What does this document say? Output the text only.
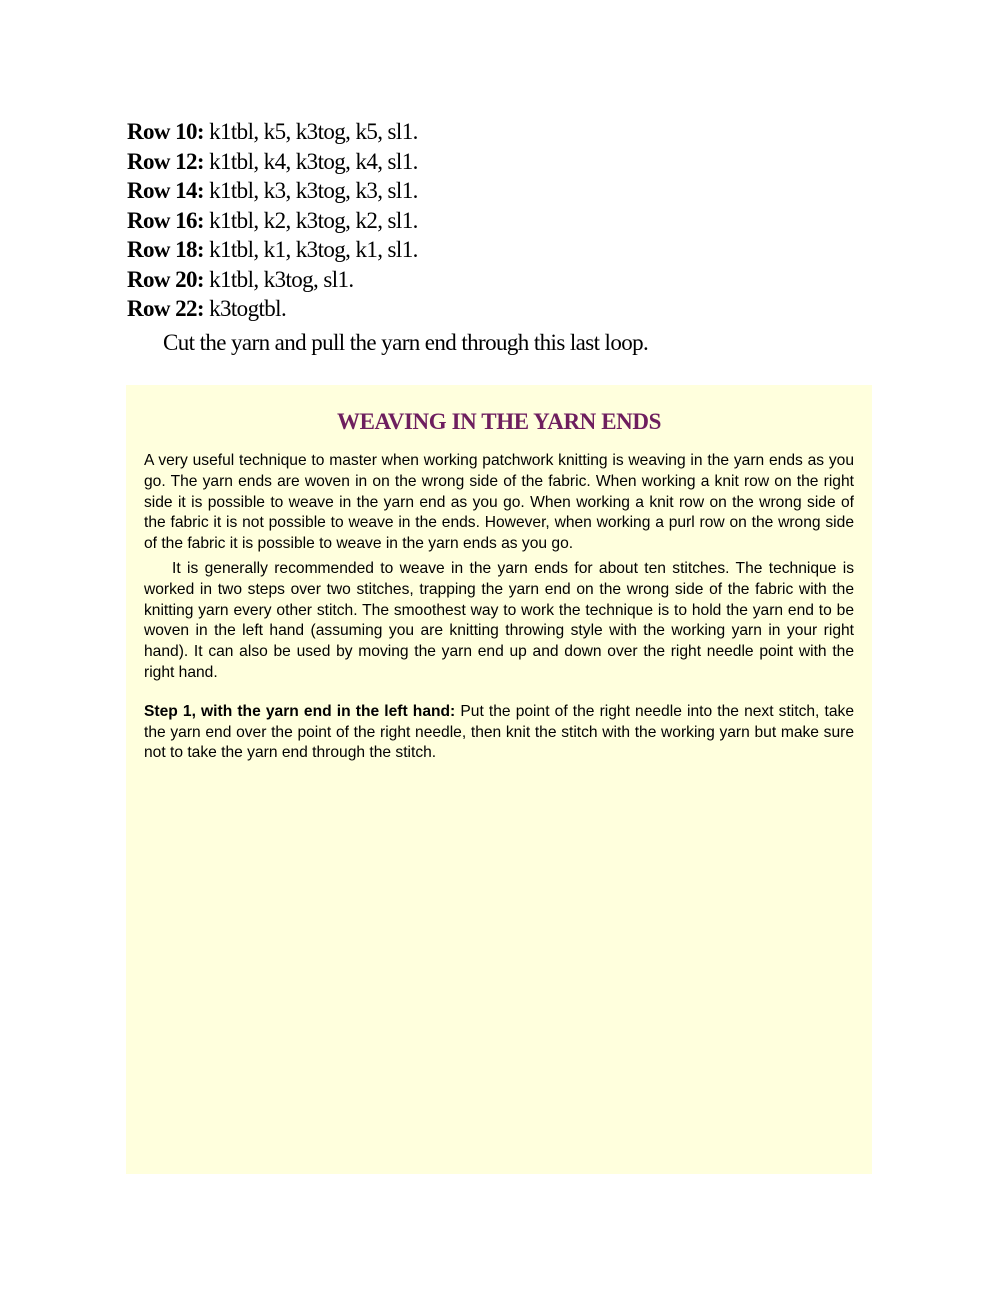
Row 10: k1tbl, k5, k3tog, k5, sl1.
Row 12: k1tbl, k4, k3tog, k4, sl1.
Row 14: k1tbl, k3, k3tog, k3, sl1.
Row 16: k1tbl, k2, k3tog, k2, sl1.
Row 18: k1tbl, k1, k3tog, k1, sl1.
Row 20: k1tbl, k3tog, sl1.
Row 22: k3togtbl.
Cut the yarn and pull the yarn end through this last loop.
WEAVING IN THE YARN ENDS

A very useful technique to master when working patchwork knitting is weaving in the yarn ends as you go. The yarn ends are woven in on the wrong side of the fabric. When working a knit row on the right side it is possible to weave in the yarn end as you go. When working a knit row on the wrong side of the fabric it is not possible to weave in the ends. However, when working a purl row on the wrong side of the fabric it is possible to weave in the yarn ends as you go.

It is generally recommended to weave in the yarn ends for about ten stitches. The technique is worked in two steps over two stitches, trapping the yarn end on the wrong side of the fabric with the knitting yarn every other stitch. The smoothest way to work the technique is to hold the yarn end to be woven in the left hand (assuming you are knitting throwing style with the working yarn in your right hand). It can also be used by moving the yarn end up and down over the right needle point with the right hand.

Step 1, with the yarn end in the left hand: Put the point of the right needle into the next stitch, take the yarn end over the point of the right needle, then knit the stitch with the working yarn but make sure not to take the yarn end through the stitch.
